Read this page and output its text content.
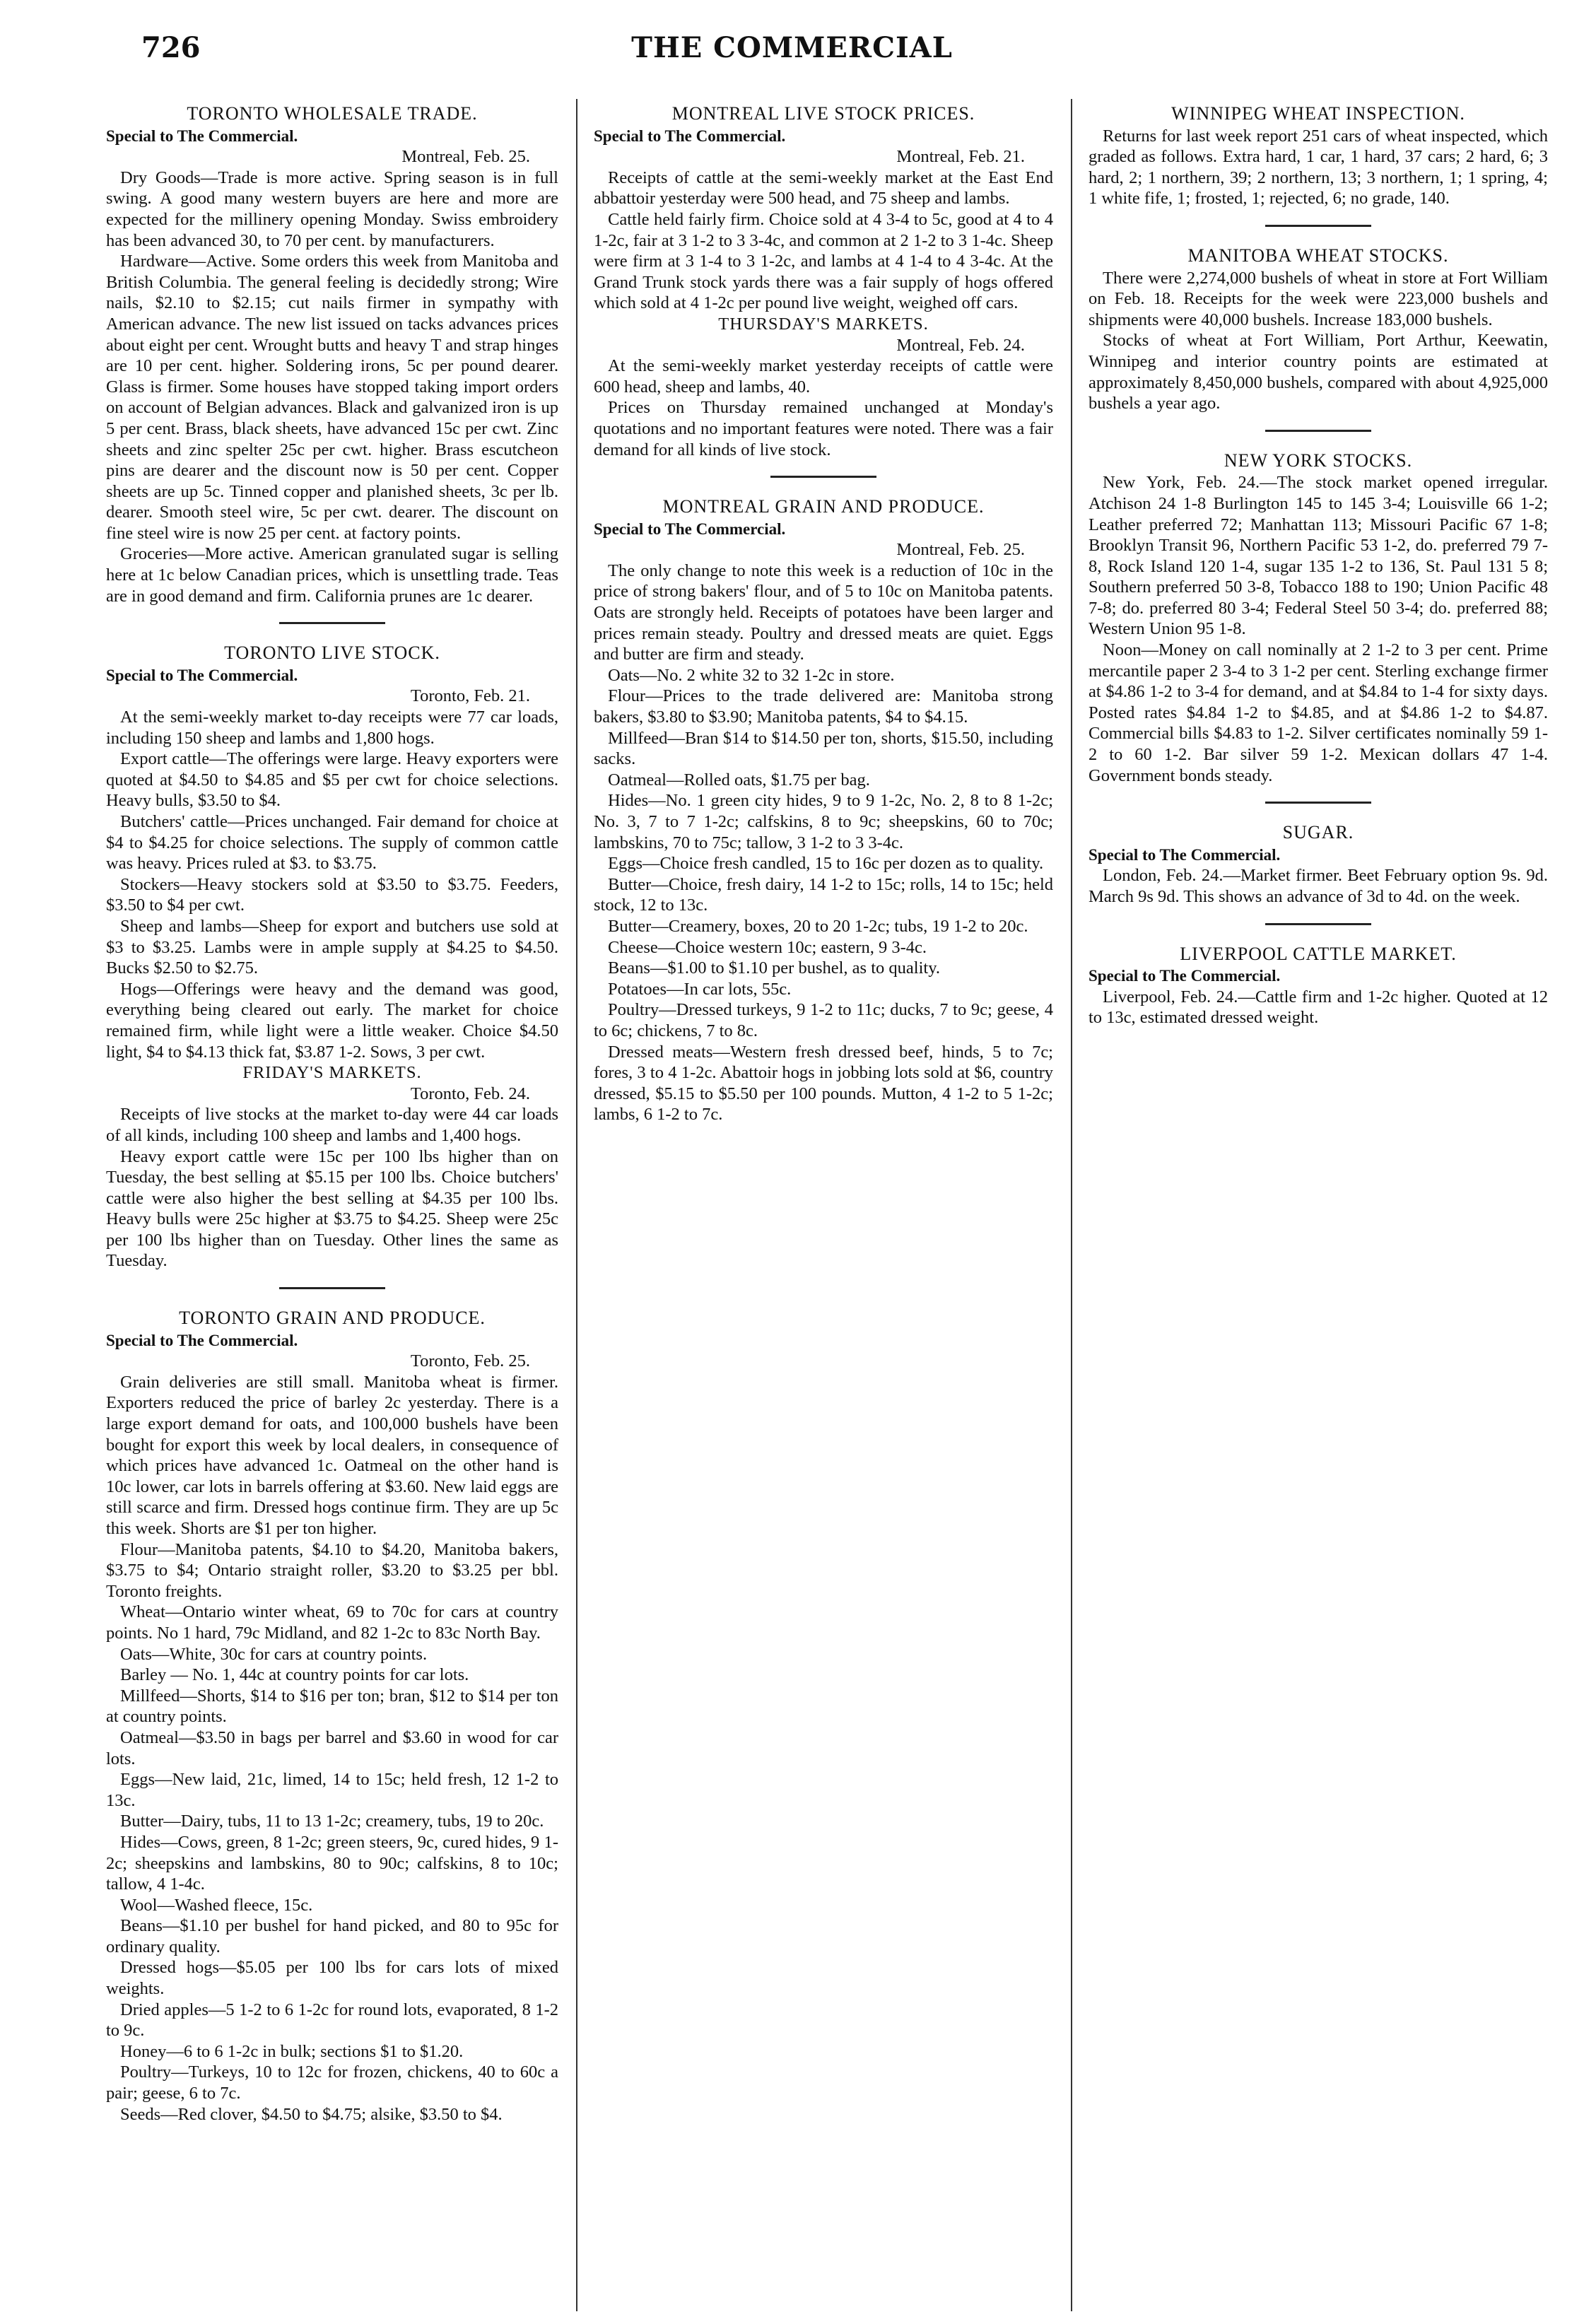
726	THE COMMERCIAL
TORONTO WHOLESALE TRADE.
Special to The Commercial.
Montreal, Feb. 25.

Dry Goods—Trade is more active. Spring season is in full swing. A good many western buyers are here and more are expected for the millinery opening Monday. Swiss embroidery has been advanced 30, to 70 per cent. by manufacturers.

Hardware—Active. Some orders this week from Manitoba and British Columbia. The general feeling is decidedly strong; Wire nails, $2.10 to $2.15; cut nails firmer in sympathy with American advance. The new list issued on tacks advances prices about eight per cent. Wrought butts and heavy T and strap hinges are 10 per cent. higher. Soldering irons, 5c per pound dearer. Glass is firmer. Some houses have stopped taking import orders on account of Belgian advances. Black and galvanized iron is up 5 per cent. Brass, black sheets, have advanced 15c per cwt. Zinc sheets and zinc spelter 25c per cwt. higher. Brass escutcheon pins are dearer and the discount now is 50 per cent. Copper sheets are up 5c. Tinned copper and planished sheets, 3c per lb. dearer. Smooth steel wire, 5c per cwt. dearer. The discount on fine steel wire is now 25 per cent. at factory points.

Groceries—More active. American granulated sugar is selling here at 1c below Canadian prices, which is unsettling trade. Teas are in good demand and firm. California prunes are 1c dearer.

TORONTO LIVE STOCK.
Special to The Commercial.
Toronto, Feb. 21.

At the semi-weekly market to-day receipts were 77 car loads, including 150 sheep and lambs and 1,800 hogs.

Export cattle—The offerings were large. Heavy exporters were quoted at $4.50 to $4.85 and $5 per cwt for choice selections. Heavy bulls, $3.50 to $4.

Butchers' cattle—Prices unchanged. Fair demand for choice at $4 to $4.25 for choice selections. The supply of common cattle was heavy. Prices ruled at $3. to $3.75.

Stockers—Heavy stockers sold at $3.50 to $3.75. Feeders, $3.50 to $4 per cwt.

Sheep and lambs—Sheep for export and butchers use sold at $3 to $3.25. Lambs were in ample supply at $4.25 to $4.50. Bucks $2.50 to $2.75.

Hogs—Offerings were heavy and the demand was good, everything being cleared out early. The market for choice remained firm, while light were a little weaker. Choice $4.50 light, $4 to $4.13 thick fat, $3.87 1-2. Sows, 3 per cwt.

FRIDAY'S MARKETS.
Toronto, Feb. 24.

Receipts of live stocks at the market to-day were 44 car loads of all kinds, including 100 sheep and lambs and 1,400 hogs.

Heavy export cattle were 15c per 100 lbs higher than on Tuesday, the best selling at $5.15 per 100 lbs. Choice butchers' cattle were also higher the best selling at $4.35 per 100 lbs. Heavy bulls were 25c higher at $3.75 to $4.25. Sheep were 25c per 100 lbs higher than on Tuesday. Other lines the same as Tuesday.

TORONTO GRAIN AND PRODUCE.
Special to The Commercial.
Toronto, Feb. 25.

Grain deliveries are still small. Manitoba wheat is firmer. Exporters reduced the price of barley 2c yesterday. There is a large export demand for oats, and 100,000 bushels have been bought for export this week by local dealers, in consequence of which prices have advanced 1c. Oatmeal on the other hand is 10c lower, car lots in barrels offering at $3.60. New laid eggs are still scarce and firm. Dressed hogs continue firm. They are up 5c this week. Shorts are $1 per ton higher.

Flour—Manitoba patents, $4.10 to $4.20, Manitoba bakers, $3.75 to $4; Ontario straight roller, $3.20 to $3.25 per bbl. Toronto freights.

Wheat—Ontario winter wheat, 69 to 70c for cars at country points. No 1 hard, 79c Midland, and 82 1-2c to 83c North Bay.

Oats—White, 30c for cars at country points.

Barley — No. 1, 44c at country points for car lots.

Millfeed—Shorts, $14 to $16 per ton; bran, $12 to $14 per ton at country points.

Oatmeal—$3.50 in bags per barrel and $3.60 in wood for car lots.

Eggs—New laid, 21c, limed, 14 to 15c; held fresh, 12 1-2 to 13c.

Butter—Dairy, tubs, 11 to 13 1-2c; creamery, tubs, 19 to 20c.

Hides—Cows, green, 8 1-2c; green steers, 9c, cured hides, 9 1-2c; sheepskins and lambskins, 80 to 90c; calfskins, 8 to 10c; tallow, 4 1-4c.

Wool—Washed fleece, 15c.

Beans—$1.10 per bushel for hand picked, and 80 to 95c for ordinary quality.

Dressed hogs—$5.05 per 100 lbs for cars lots of mixed weights.

Dried apples—5 1-2 to 6 1-2c for round lots, evaporated, 8 1-2 to 9c.

Honey—6 to 6 1-2c in bulk; sections $1 to $1.20.

Poultry—Turkeys, 10 to 12c for frozen, chickens, 40 to 60c a pair; geese, 6 to 7c.

Seeds—Red clover, $4.50 to $4.75; alsike, $3.50 to $4.

MONTREAL LIVE STOCK PRICES.
Special to The Commercial.
Montreal, Feb. 21.

Receipts of cattle at the semi-weekly market at the East End abbattoir yesterday were 500 head, and 75 sheep and lambs.

Cattle held fairly firm. Choice sold at 4 3-4 to 5c, good at 4 to 4 1-2c, fair at 3 1-2 to 3 3-4c, and common at 2 1-2 to 3 1-4c. Sheep were firm at 3 1-4 to 3 1-2c, and lambs at 4 1-4 to 4 3-4c. At the Grand Trunk stock yards there was a fair supply of hogs offered which sold at 4 1-2c per pound live weight, weighed off cars.

THURSDAY'S MARKETS.
Montreal, Feb. 24.

At the semi-weekly market yesterday receipts of cattle were 600 head, sheep and lambs, 40.

Prices on Thursday remained unchanged at Monday's quotations and no important features were noted. There was a fair demand for all kinds of live stock.

MONTREAL GRAIN AND PRODUCE.
Special to The Commercial.
Montreal, Feb. 25.

The only change to note this week is a reduction of 10c in the price of strong bakers' flour, and of 5 to 10c on Manitoba patents. Oats are strongly held. Receipts of potatoes have been larger and prices remain steady. Poultry and dressed meats are quiet. Eggs and butter are firm and steady.

Oats—No. 2 white 32 to 32 1-2c in store.

Flour—Prices to the trade delivered are: Manitoba strong bakers, $3.80 to $3.90; Manitoba patents, $4 to $4.15.

Millfeed—Bran $14 to $14.50 per ton, shorts, $15.50, including sacks.

Oatmeal—Rolled oats, $1.75 per bag.

Hides—No. 1 green city hides, 9 to 9 1-2c, No. 2, 8 to 8 1-2c; No. 3, 7 to 7 1-2c; calfskins, 8 to 9c; sheepskins, 60 to 70c; lambskins, 70 to 75c; tallow, 3 1-2 to 3 3-4c.

Eggs—Choice fresh candled, 15 to 16c per dozen as to quality.

Butter—Choice, fresh dairy, 14 1-2 to 15c; rolls, 14 to 15c; held stock, 12 to 13c.

Butter—Creamery, boxes, 20 to 20 1-2c; tubs, 19 1-2 to 20c.

Cheese—Choice western 10c; eastern, 9 3-4c.

Beans—$1.00 to $1.10 per bushel, as to quality.

Potatoes—In car lots, 55c.

Poultry—Dressed turkeys, 9 1-2 to 11c; ducks, 7 to 9c; geese, 4 to 6c; chickens, 7 to 8c.

Dressed meats—Western fresh dressed beef, hinds, 5 to 7c; fores, 3 to 4 1-2c. Abattoir hogs in jobbing lots sold at $6, country dressed, $5.15 to $5.50 per 100 pounds. Mutton, 4 1-2 to 5 1-2c; lambs, 6 1-2 to 7c.

WINNIPEG WHEAT INSPECTION.

Returns for last week report 251 cars of wheat inspected, which graded as follows. Extra hard, 1 car, 1 hard, 37 cars; 2 hard, 6; 3 hard, 2; 1 northern, 39; 2 northern, 13; 3 northern, 1; 1 spring, 4; 1 white fife, 1; frosted, 1; rejected, 6; no grade, 140.

MANITOBA WHEAT STOCKS.

There were 2,274,000 bushels of wheat in store at Fort William on Feb. 18. Receipts for the week were 223,000 bushels and shipments were 40,000 bushels. Increase 183,000 bushels.

Stocks of wheat at Fort William, Port Arthur, Keewatin, Winnipeg and interior country points are estimated at approximately 8,450,000 bushels, compared with about 4,925,000 bushels a year ago.

NEW YORK STOCKS.

New York, Feb. 24.—The stock market opened irregular. Atchison 24 1-8 Burlington 145 to 145 3-4; Louisville 66 1-2; Leather preferred 72; Manhattan 113; Missouri Pacific 67 1-8; Brooklyn Transit 96, Northern Pacific 53 1-2, do. preferred 79 7-8, Rock Island 120 1-4, sugar 135 1-2 to 136, St. Paul 131 5 8; Southern preferred 50 3-8, Tobacco 188 to 190; Union Pacific 48 7-8; do. preferred 80 3-4; Federal Steel 50 3-4; do. preferred 88; Western Union 95 1-8.

Noon—Money on call nominally at 2 1-2 to 3 per cent. Prime mercantile paper 2 3-4 to 3 1-2 per cent. Sterling exchange firmer at $4.86 1-2 to 3-4 for demand, and at $4.84 to 1-4 for sixty days. Posted rates $4.84 1-2 to $4.85, and at $4.86 1-2 to $4.87. Commercial bills $4.83 to 1-2. Silver certificates nominally 59 1-2 to 60 1-2. Bar silver 59 1-2. Mexican dollars 47 1-4. Government bonds steady.

SUGAR.
Special to The Commercial.

London, Feb. 24.—Market firmer. Beet February option 9s. 9d. March 9s 9d. This shows an advance of 3d to 4d. on the week.

LIVERPOOL CATTLE MARKET.
Special to The Commercial.

Liverpool, Feb. 24.—Cattle firm and 1-2c higher. Quoted at 12 to 13c, estimated dressed weight.
